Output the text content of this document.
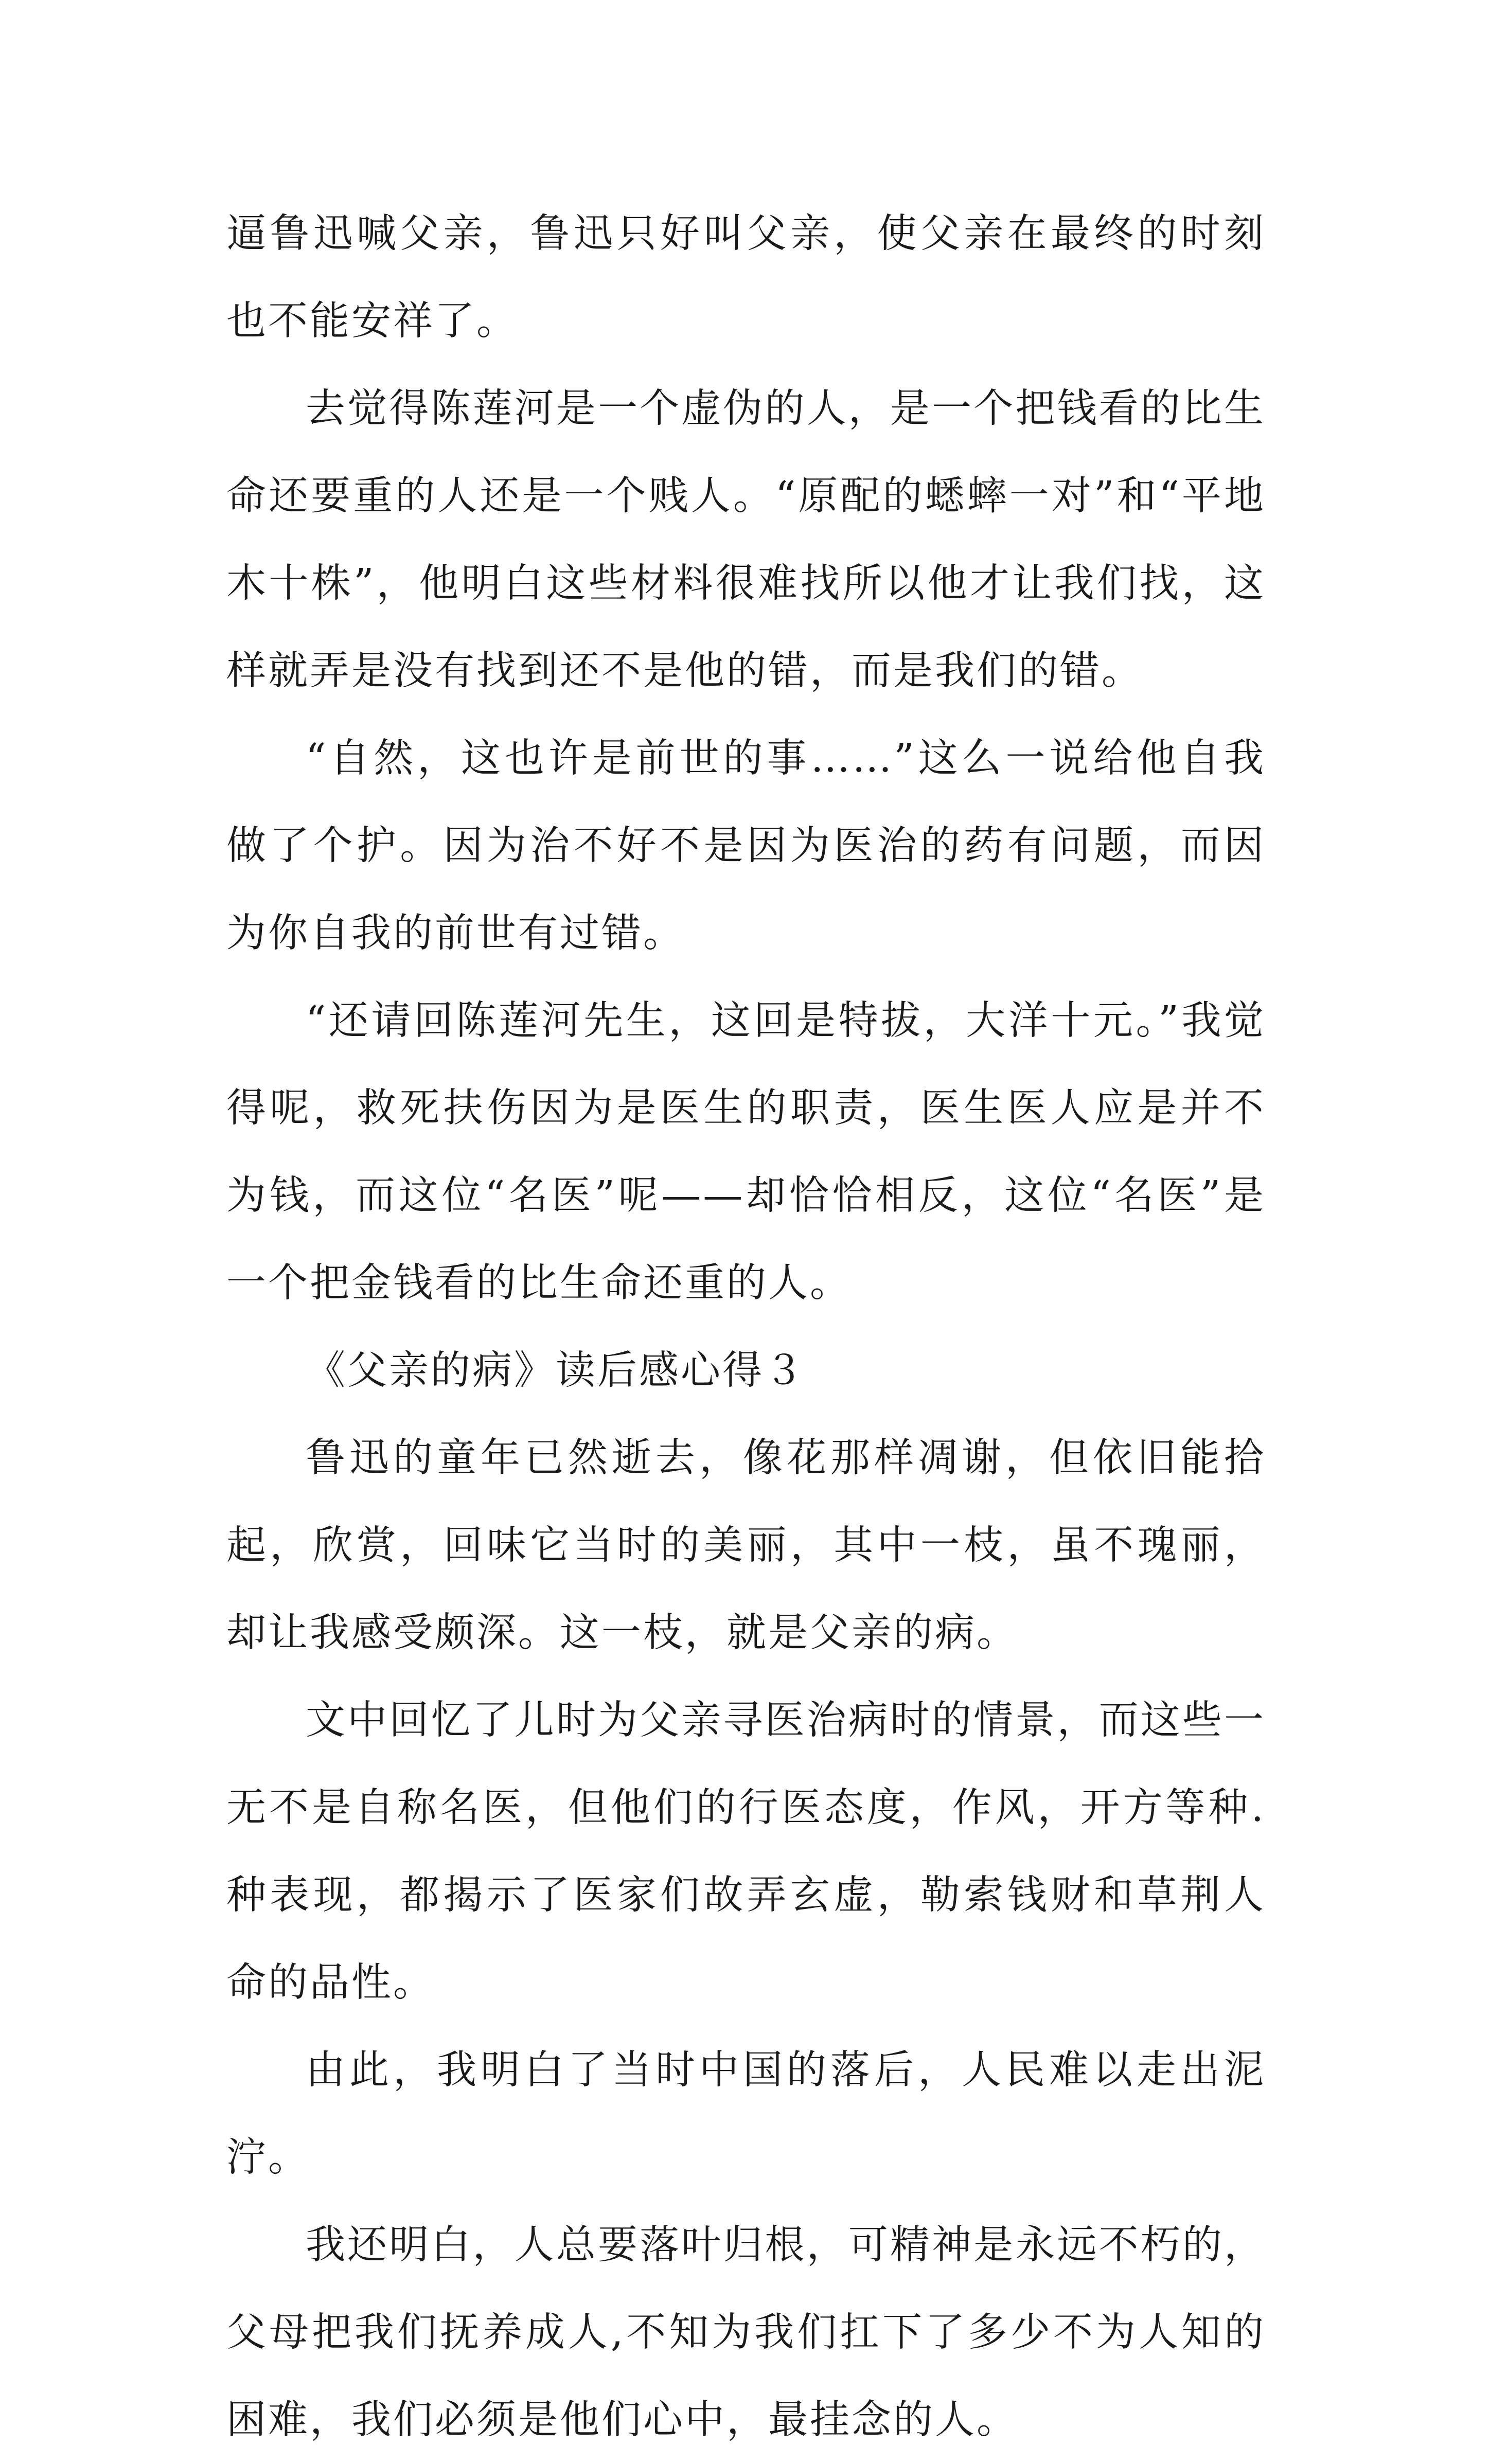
逼鲁迅喊父亲，鲁迅只好叫父亲，使父亲在最终的时刻也不能安祥了。

去觉得陈莲河是一个虚伪的人，是一个把钱看的比生命还要重的人还是一个贱人。“原配的蟋蟀一对”和“平地木十株”，他明白这些材料很难找所以他才让我们找，这样就弄是没有找到还不是他的错，而是我们的错。

“自然，这也许是前世的事……”这么一说给他自我做了个护。因为治不好不是因为医治的药有问题，而因为你自我的前世有过错。

“还请回陈莲河先生，这回是特拔，大洋十元。”我觉得呢，救死扶伤因为是医生的职责，医生医人应是并不为钱，而这位“名医”呢——却恰恰相反，这位“名医”是一个把金钱看的比生命还重的人。

《父亲的病》读后感心得３

鲁迅的童年已然逝去，像花那样凋谢，但依旧能拾起，欣赏，回味它当时的美丽，其中一枝，虽不瑰丽，却让我感受颇深。这一枝，就是父亲的病。

文中回忆了儿时为父亲寻医治病时的情景，而这些一无不是自称名医，但他们的行医态度，作风，开方等种.种表现，都揭示了医家们故弄玄虚，勒索钱财和草荆人命的品性。

由此，我明白了当时中国的落后，人民难以走出泥泞。

我还明白，人总要落叶归根，可精神是永远不朽的，父母把我们抚养成人,不知为我们扛下了多少不为人知的困难，我们必须是他们心中，最挂念的人。
